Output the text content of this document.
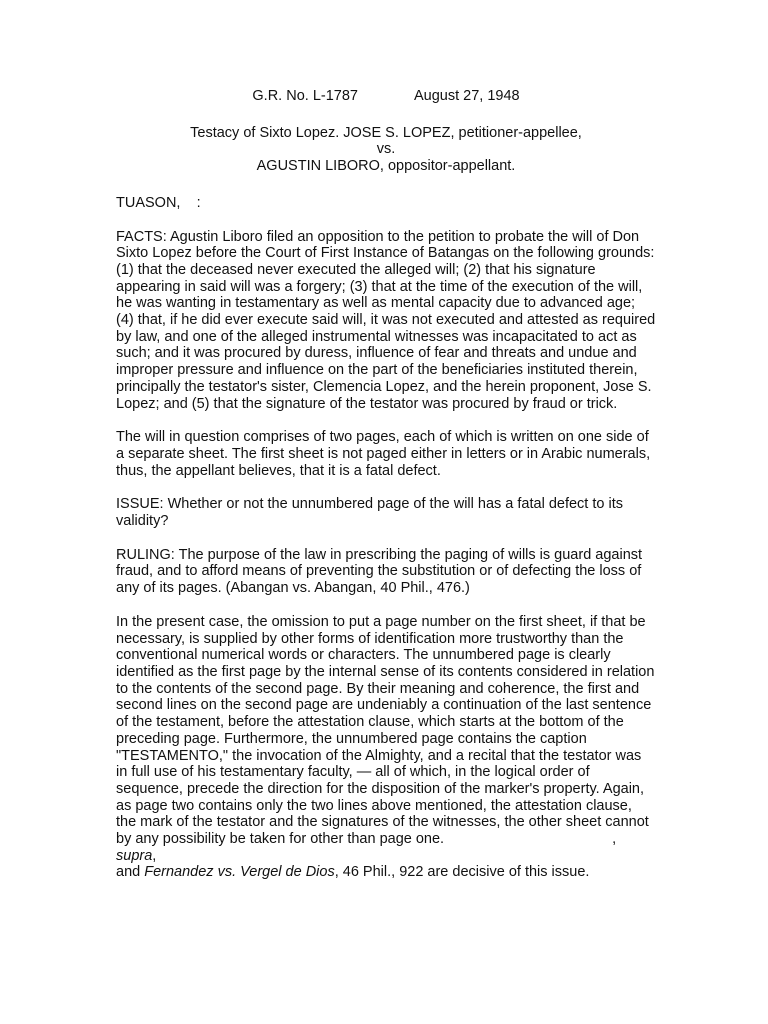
G.R. No. L-1787	August 27, 1948

Testacy of Sixto Lopez. JOSE S. LOPEZ, petitioner-appellee,

vs.

AGUSTIN LIBORO, oppositor-appellant.

TUASON,    :

FACTS: Agustin Liboro filed an opposition to the petition to probate the will of Don Sixto Lopez before the Court of First Instance of Batangas on the following grounds: (1) that the deceased never executed the alleged will; (2) that his signature appearing in said will was a forgery; (3) that at the time of the execution of the will, he was wanting in testamentary as well as mental capacity due to advanced age; (4) that, if he did ever execute said will, it was not executed and attested as required by law, and one of the alleged instrumental witnesses was incapacitated to act as such; and it was procured by duress, influence of fear and threats and undue and improper pressure and influence on the part of the beneficiaries instituted therein, principally the testator's sister, Clemencia Lopez, and the herein proponent, Jose S. Lopez; and (5) that the signature of the testator was procured by fraud or trick.

The will in question comprises of two pages, each of which is written on one side of a separate sheet. The first sheet is not paged either in letters or in Arabic numerals, thus, the appellant believes, that it is a fatal defect.

ISSUE: Whether or not the unnumbered page of the will has a fatal defect to its validity?

RULING: The purpose of the law in prescribing the paging of wills is guard against fraud, and to afford means of preventing the substitution or of defecting the loss of any of its pages. (Abangan vs. Abangan, 40 Phil., 476.)

In the present case, the omission to put a page number on the first sheet, if that be necessary, is supplied by other forms of identification more trustworthy than the conventional numerical words or characters. The unnumbered page is clearly identified as the first page by the internal sense of its contents considered in relation to the contents of the second page. By their meaning and coherence, the first and second lines on the second page are undeniably a continuation of the last sentence of the testament, before the attestation clause, which starts at the bottom of the preceding page. Furthermore, the unnumbered page contains the caption "TESTAMENTO," the invocation of the Almighty, and a recital that the testator was in full use of his testamentary faculty, — all of which, in the logical order of sequence, precede the direction for the disposition of the marker's property. Again, as page two contains only the two lines above mentioned, the attestation clause, the mark of the testator and the signatures of the witnesses, the other sheet cannot by any possibility be taken for other than page one.	, supra,
and Fernandez vs. Vergel de Dios, 46 Phil., 922 are decisive of this issue.
